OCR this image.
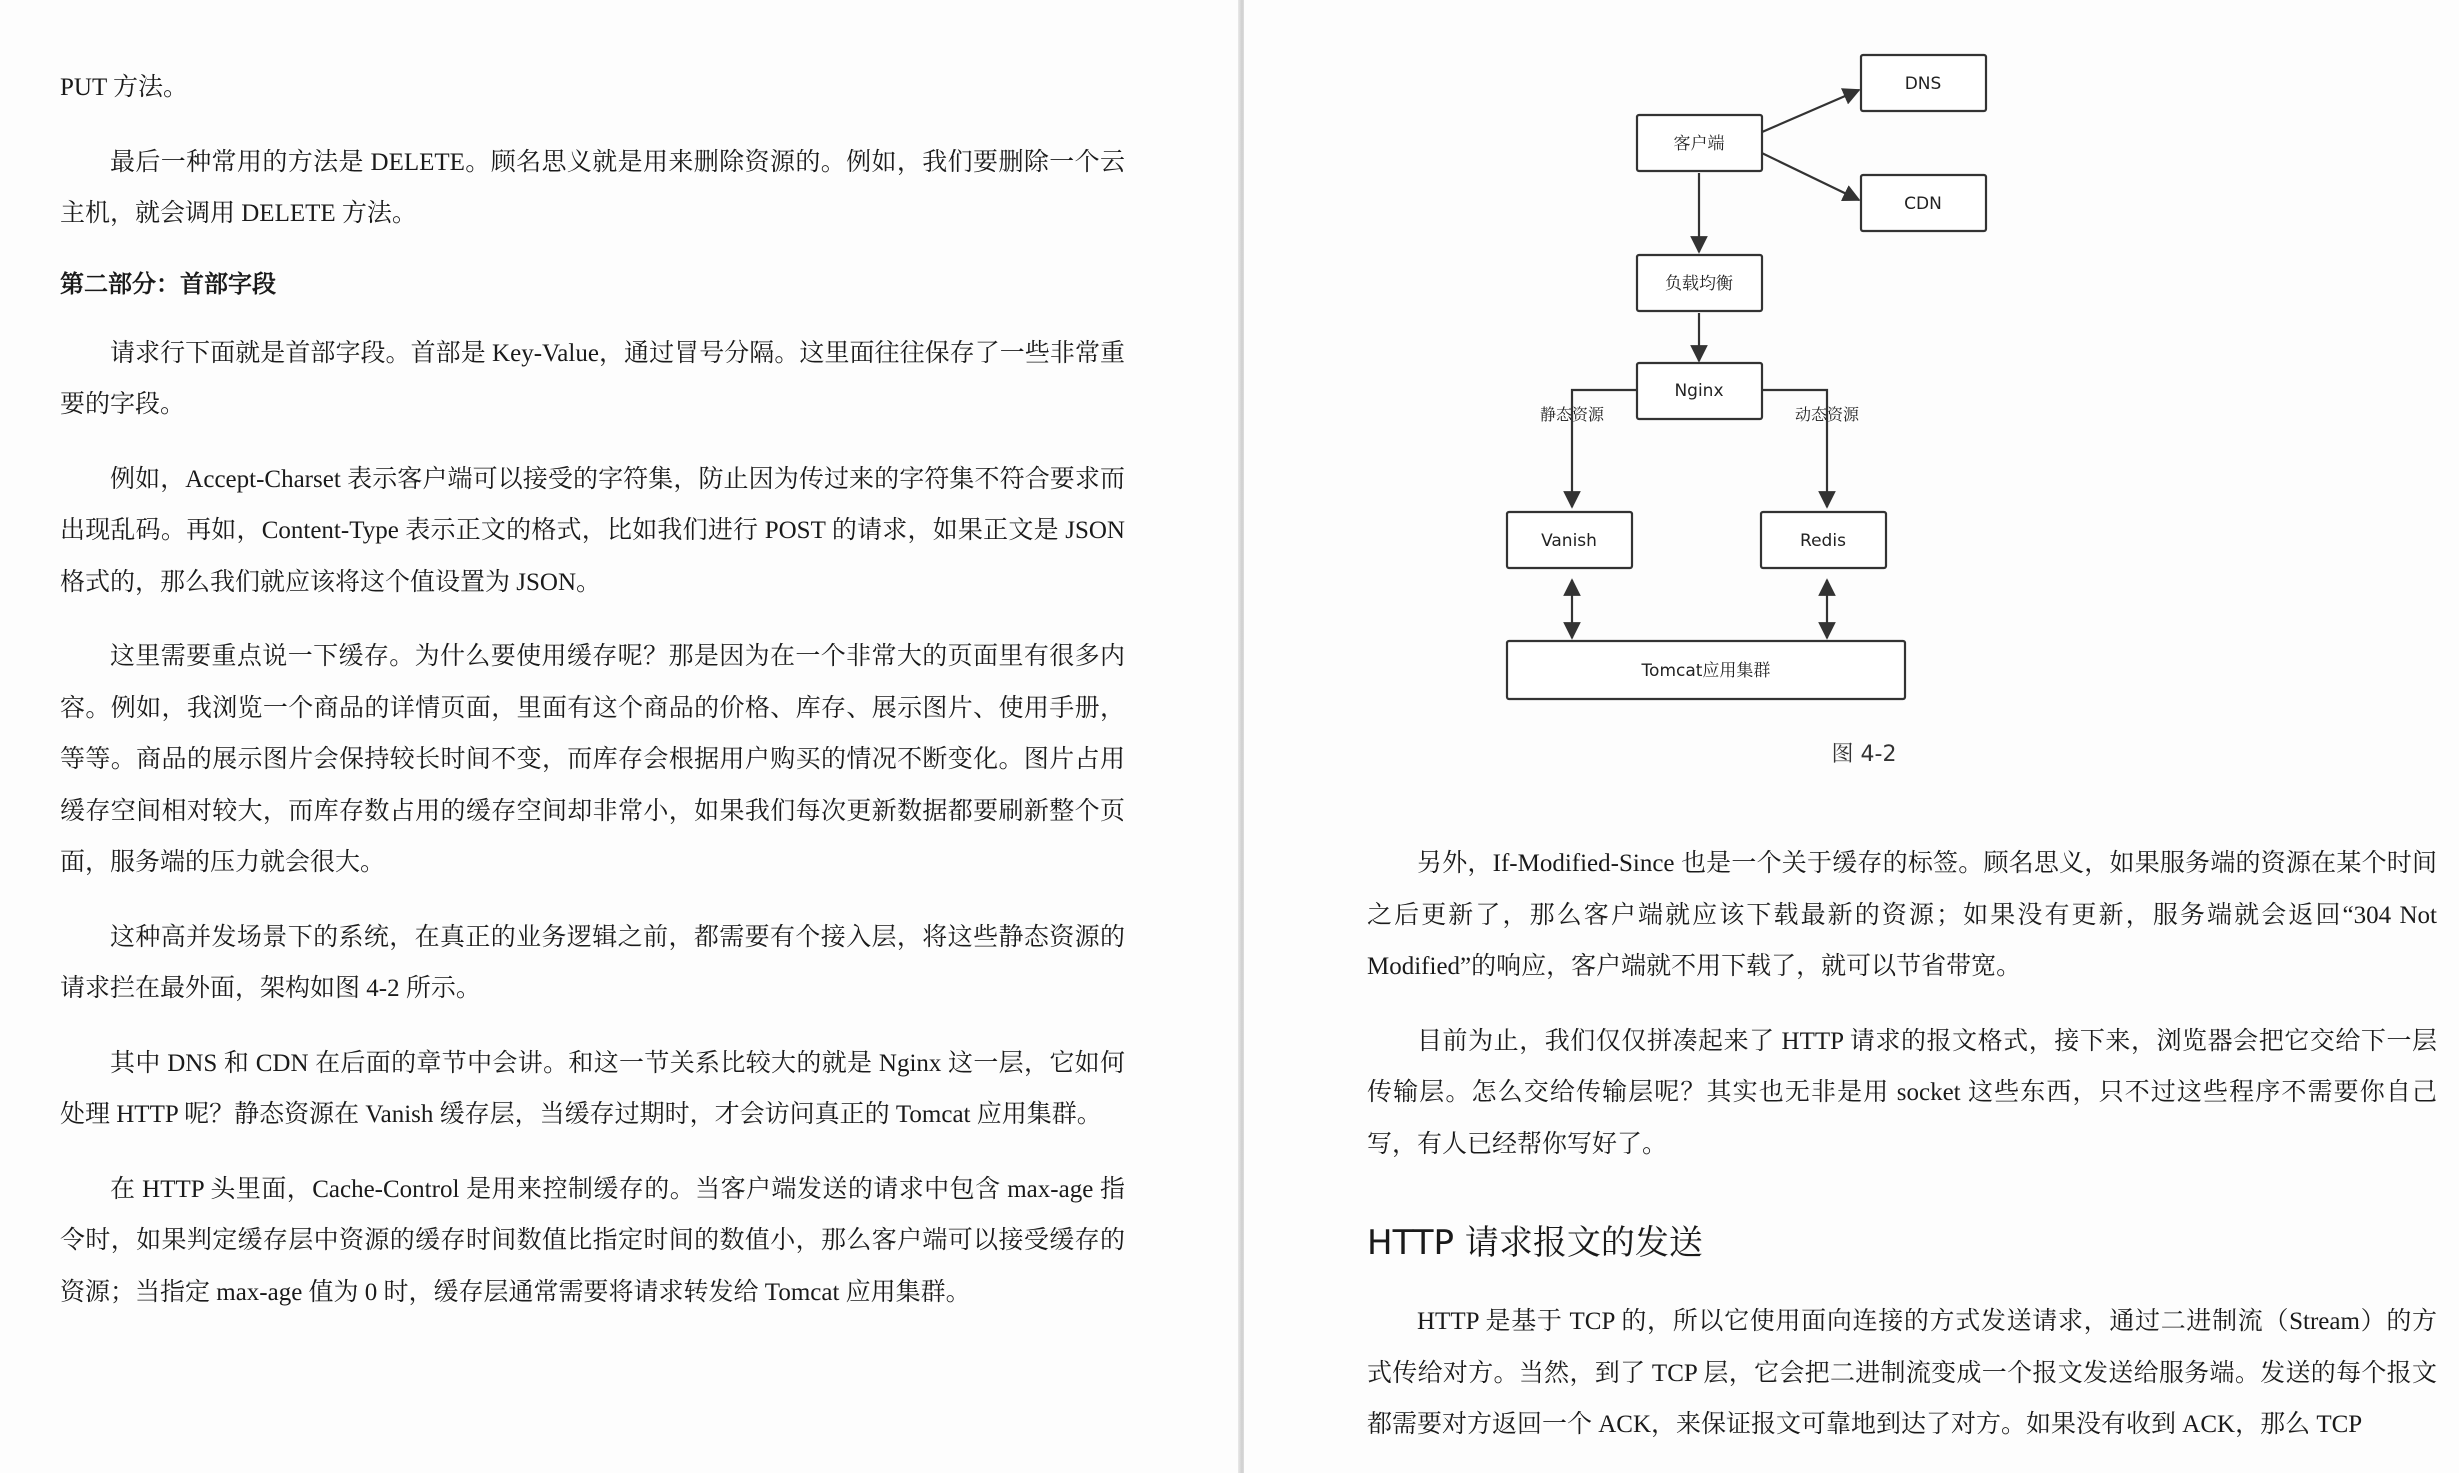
PUT 方法。

最后一种常用的方法是 DELETE。顾名思义就是用来删除资源的。例如，我们要删除一个云主机，就会调用 DELETE 方法。

第二部分：首部字段

请求行下面就是首部字段。首部是 Key-Value，通过冒号分隔。这里面往往保存了一些非常重要的字段。

例如，Accept-Charset 表示客户端可以接受的字符集，防止因为传过来的字符集不符合要求而出现乱码。再如，Content-Type 表示正文的格式，比如我们进行 POST 的请求，如果正文是 JSON 格式的，那么我们就应该将这个值设置为 JSON。

这里需要重点说一下缓存。为什么要使用缓存呢？那是因为在一个非常大的页面里有很多内容。例如，我浏览一个商品的详情页面，里面有这个商品的价格、库存、展示图片、使用手册，等等。商品的展示图片会保持较长时间不变，而库存会根据用户购买的情况不断变化。图片占用缓存空间相对较大，而库存数占用的缓存空间却非常小，如果我们每次更新数据都要刷新整个页面，服务端的压力就会很大。

这种高并发场景下的系统，在真正的业务逻辑之前，都需要有个接入层，将这些静态资源的请求拦在最外面，架构如图 4-2 所示。

其中 DNS 和 CDN 在后面的章节中会讲。和这一节关系比较大的就是 Nginx 这一层，它如何处理 HTTP 呢？静态资源在 Vanish 缓存层，当缓存过期时，才会访问真正的 Tomcat 应用集群。

在 HTTP 头里面，Cache-Control 是用来控制缓存的。当客户端发送的请求中包含 max-age 指令时，如果判定缓存层中资源的缓存时间数值比指定时间的数值小，那么客户端可以接受缓存的资源；当指定 max-age 值为 0 时，缓存层通常需要将请求转发给 Tomcat 应用集群。

客户端
DNS
CDN
负载均衡
Nginx
Vanish	Redis
Tomcat应用集群
静态资源	动态资源
图 4-2

另外，If-Modified-Since 也是一个关于缓存的标签。顾名思义，如果服务端的资源在某个时间之后更新了，那么客户端就应该下载最新的资源；如果没有更新，服务端就会返回“304 Not Modified”的响应，客户端就不用下载了，就可以节省带宽。

目前为止，我们仅仅拼凑起来了 HTTP 请求的报文格式，接下来，浏览器会把它交给下一层传输层。怎么交给传输层呢？其实也无非是用 socket 这些东西，只不过这些程序不需要你自己写，有人已经帮你写好了。

HTTP 请求报文的发送

HTTP 是基于 TCP 的，所以它使用面向连接的方式发送请求，通过二进制流（Stream）的方式传给对方。当然，到了 TCP 层，它会把二进制流变成一个报文发送给服务端。发送的每个报文都需要对方返回一个 ACK，来保证报文可靠地到达了对方。如果没有收到 ACK，那么 TCP
